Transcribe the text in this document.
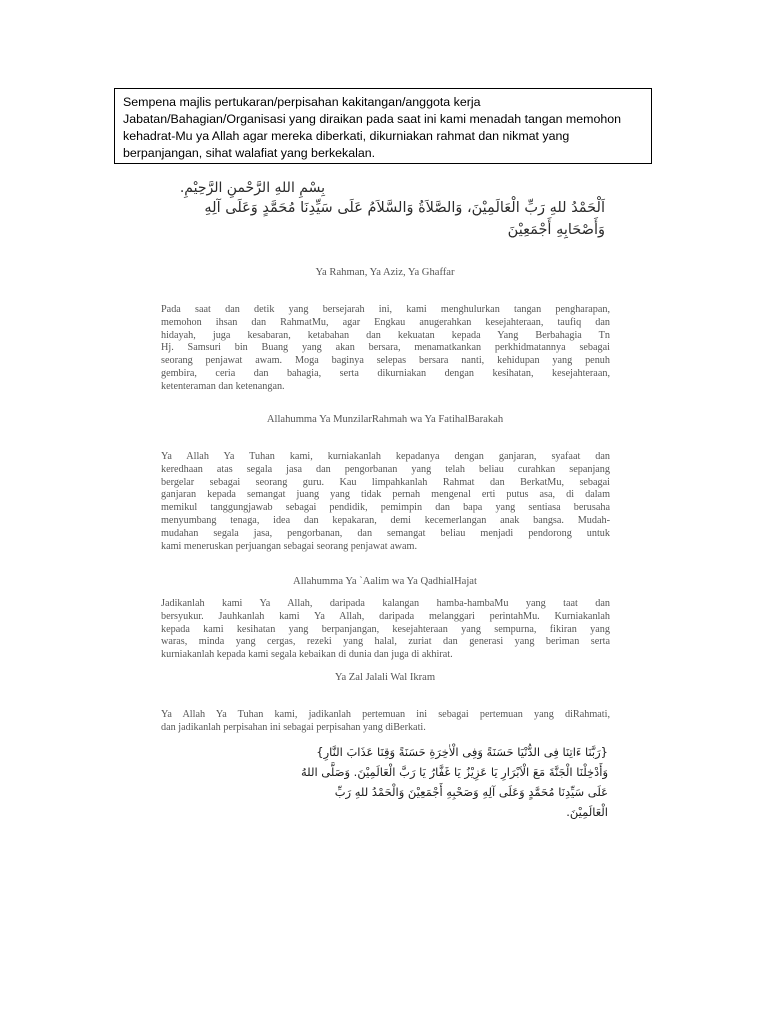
Sempena majlis pertukaran/perpisahan kakitangan/anggota kerja
Jabatan/Bahagian/Organisasi yang diraikan pada saat ini kami menadah tangan memohon
kehadrat-Mu ya Allah agar mereka diberkati, dikurniakan rahmat dan nikmat yang
berpanjangan, sihat walafiat yang berkekalan.
بِسْمِ اللهِ الرَّحْمنِ الرَّحِيْمِ.
اَلْحَمْدُ للهِ رَبِّ الْعَالَمِيْنَ، وَالصَّلاَةُ وَالسَّلاَمُ عَلَى سَيِّدِنَا مُحَمَّدٍ وَعَلَى آلِهِ
وَأَصْحَابِهِ أَجْمَعِيْنَ
Ya Rahman, Ya Aziz, Ya Ghaffar
Pada saat dan detik yang bersejarah ini, kami menghulurkan tangan pengharapan,
memohon ihsan dan RahmatMu, agar Engkau anugerahkan kesejahteraan, taufiq dan
hidayah, juga kesabaran, ketabahan dan kekuatan kepada Yang Berbahagia Tn
Hj. Samsuri bin Buang yang akan bersara, menamatkankan perkhidmatannya sebagai
seorang penjawat awam. Moga baginya selepas bersara nanti, kehidupan yang penuh
gembira, ceria dan bahagia, serta dikurniakan dengan kesihatan, kesejahteraan,
ketenteraman dan ketenangan.
Allahumma Ya MunzilarRahmah wa Ya FatihalBarakah
Ya Allah Ya Tuhan kami, kurniakanlah kepadanya dengan ganjaran, syafaat dan
keredhaan atas segala jasa dan pengorbanan yang telah beliau curahkan sepanjang
bergelar sebagai seorang guru. Kau limpahkanlah Rahmat dan BerkatMu, sebagai
ganjaran kepada semangat juang yang tidak pernah mengenal erti putus asa, di dalam
memikul tanggungjawab sebagai pendidik, pemimpin dan bapa yang sentiasa berusaha
menyumbang tenaga, idea dan kepakaran, demi kecemerlangan anak bangsa. Mudah-
mudahan segala jasa, pengorbanan, dan semangat beliau menjadi pendorong untuk
kami meneruskan perjuangan sebagai seorang penjawat awam.
Allahumma Ya `Aalim wa Ya QadhialHajat
Jadikanlah kami Ya Allah, daripada kalangan hamba-hambaMu yang taat dan
bersyukur. Jauhkanlah kami Ya Allah, daripada melanggari perintahMu. Kurniakanlah
kepada kami kesihatan yang berpanjangan, kesejahteraan yang sempurna, fikiran yang
waras, minda yang cergas, rezeki yang halal, zuriat dan generasi yang beriman serta
kurniakanlah kepada kami segala kebaikan di dunia dan juga di akhirat.
Ya Zal Jalali Wal Ikram
Ya Allah Ya Tuhan kami, jadikanlah pertemuan ini sebagai pertemuan yang diRahmati,
dan jadikanlah perpisahan ini sebagai perpisahan yang diBerkati.
{رَبَّنَا ءَاتِنَا فِى الدُّنْيَا حَسَنَةً وَفِى الْاٰخِرَةِ حَسَنَةً وَقِنَا عَذَابَ النَّارِ}
وَأَدْخِلْنَا الْجَنَّةَ مَعَ الْاَبْرَارِ يَا عَزِيْزُ يَا غَفَّارُ يَا رَبَّ الْعَالَمِيْنَ. وَصَلَّى اللهُ
عَلَى سَيِّدِنَا مُحَمَّدٍ وَعَلَى آلِهِ وَصَحْبِهِ أَجْمَعِيْنَ وَالْحَمْدُ للهِ رَبِّ
الْعَالَمِيْنَ.
